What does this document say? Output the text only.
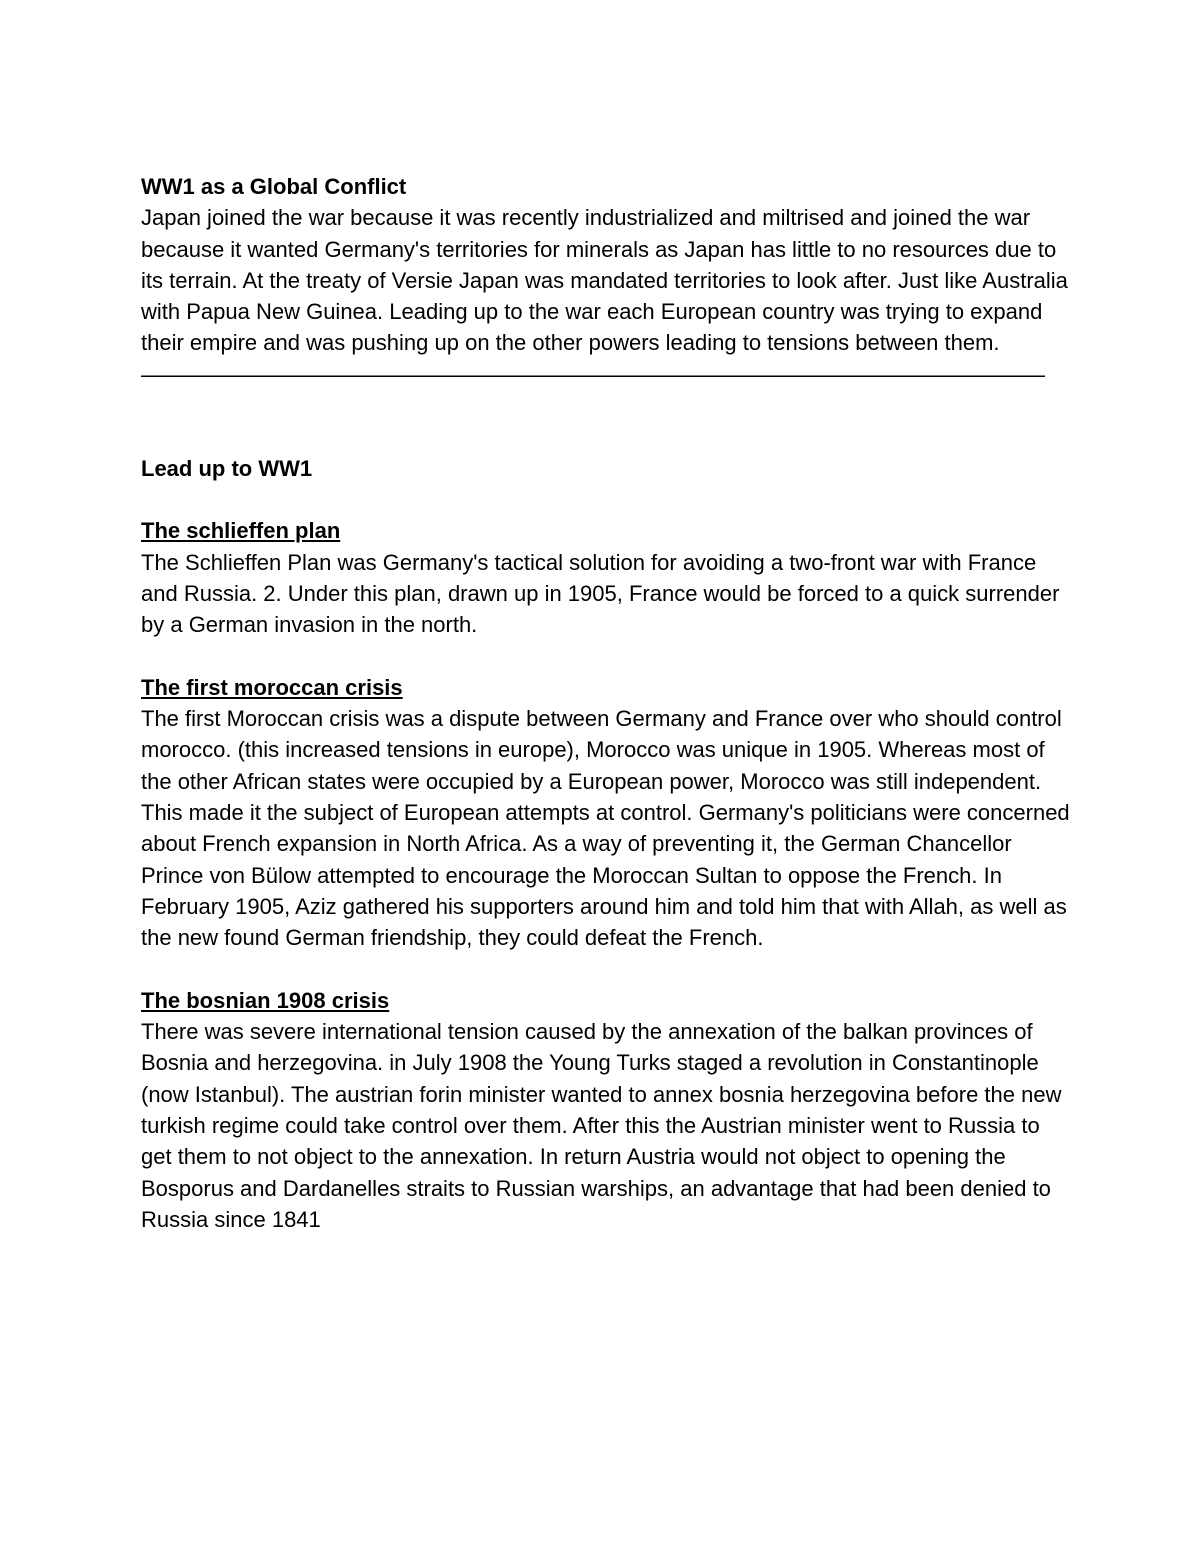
WW1 as a Global Conflict

Japan joined the war because it was recently industrialized and miltrised and joined the war because it wanted Germany's territories for minerals as Japan has little to no resources due to its terrain. At the treaty of Versie Japan was mandated territories to look after. Just like Australia with Papua New Guinea. Leading up to the war each European country was trying to expand their empire and was pushing up on the other powers leading to tensions between them.

———————————————————————————————————————————

Lead up to WW1

The schlieffen plan

The Schlieffen Plan was Germany's tactical solution for avoiding a two-front war with France and Russia. 2. Under this plan, drawn up in 1905, France would be forced to a quick surrender by a German invasion in the north.

The first moroccan crisis

The first Moroccan crisis was a dispute between Germany and France over who should control morocco. (this increased tensions in europe), Morocco was unique in 1905. Whereas most of the other African states were occupied by a European power, Morocco was still independent. This made it the subject of European attempts at control. Germany's politicians were concerned about French expansion in North Africa. As a way of preventing it, the German Chancellor Prince von Bülow attempted to encourage the Moroccan Sultan to oppose the French. In February 1905, Aziz gathered his supporters around him and told him that with Allah, as well as the new found German friendship, they could defeat the French.

The bosnian 1908 crisis

There was severe international tension caused by the annexation of the balkan provinces of Bosnia and herzegovina. in July 1908 the Young Turks staged a revolution in Constantinople (now Istanbul). The austrian forin minister wanted to annex bosnia herzegovina before the new turkish regime could take control over them. After this the Austrian minister went to Russia to get them to not object to the annexation. In return Austria would not object to opening the Bosporus and Dardanelles straits to Russian warships, an advantage that had been denied to Russia since 1841
